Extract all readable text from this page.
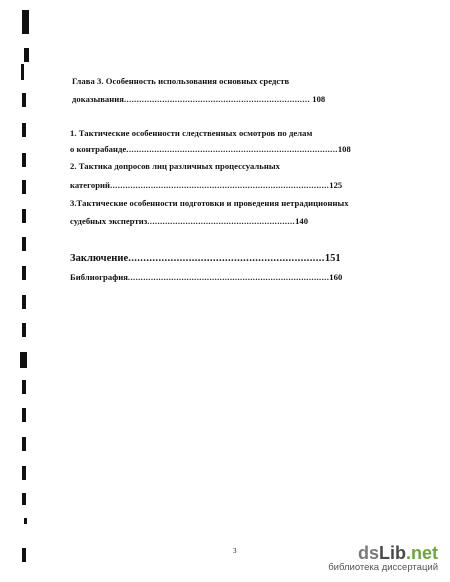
Глава 3. Особенность использования основных средств
доказывания......................................................................... 108
1. Тактические особенности следственных осмотров по делам
о контрабанде...................................................................................108
2. Тактика допросов лиц различных процессуальных
категорий......................................................................................125
3.Тактические особенности подготовки и проведения нетрадиционных
судебных экспертиз..........................................................140
Заключение.................................................................151
Библиография...............................................................................160
3	dsLib.net
библиотека диссертаций
